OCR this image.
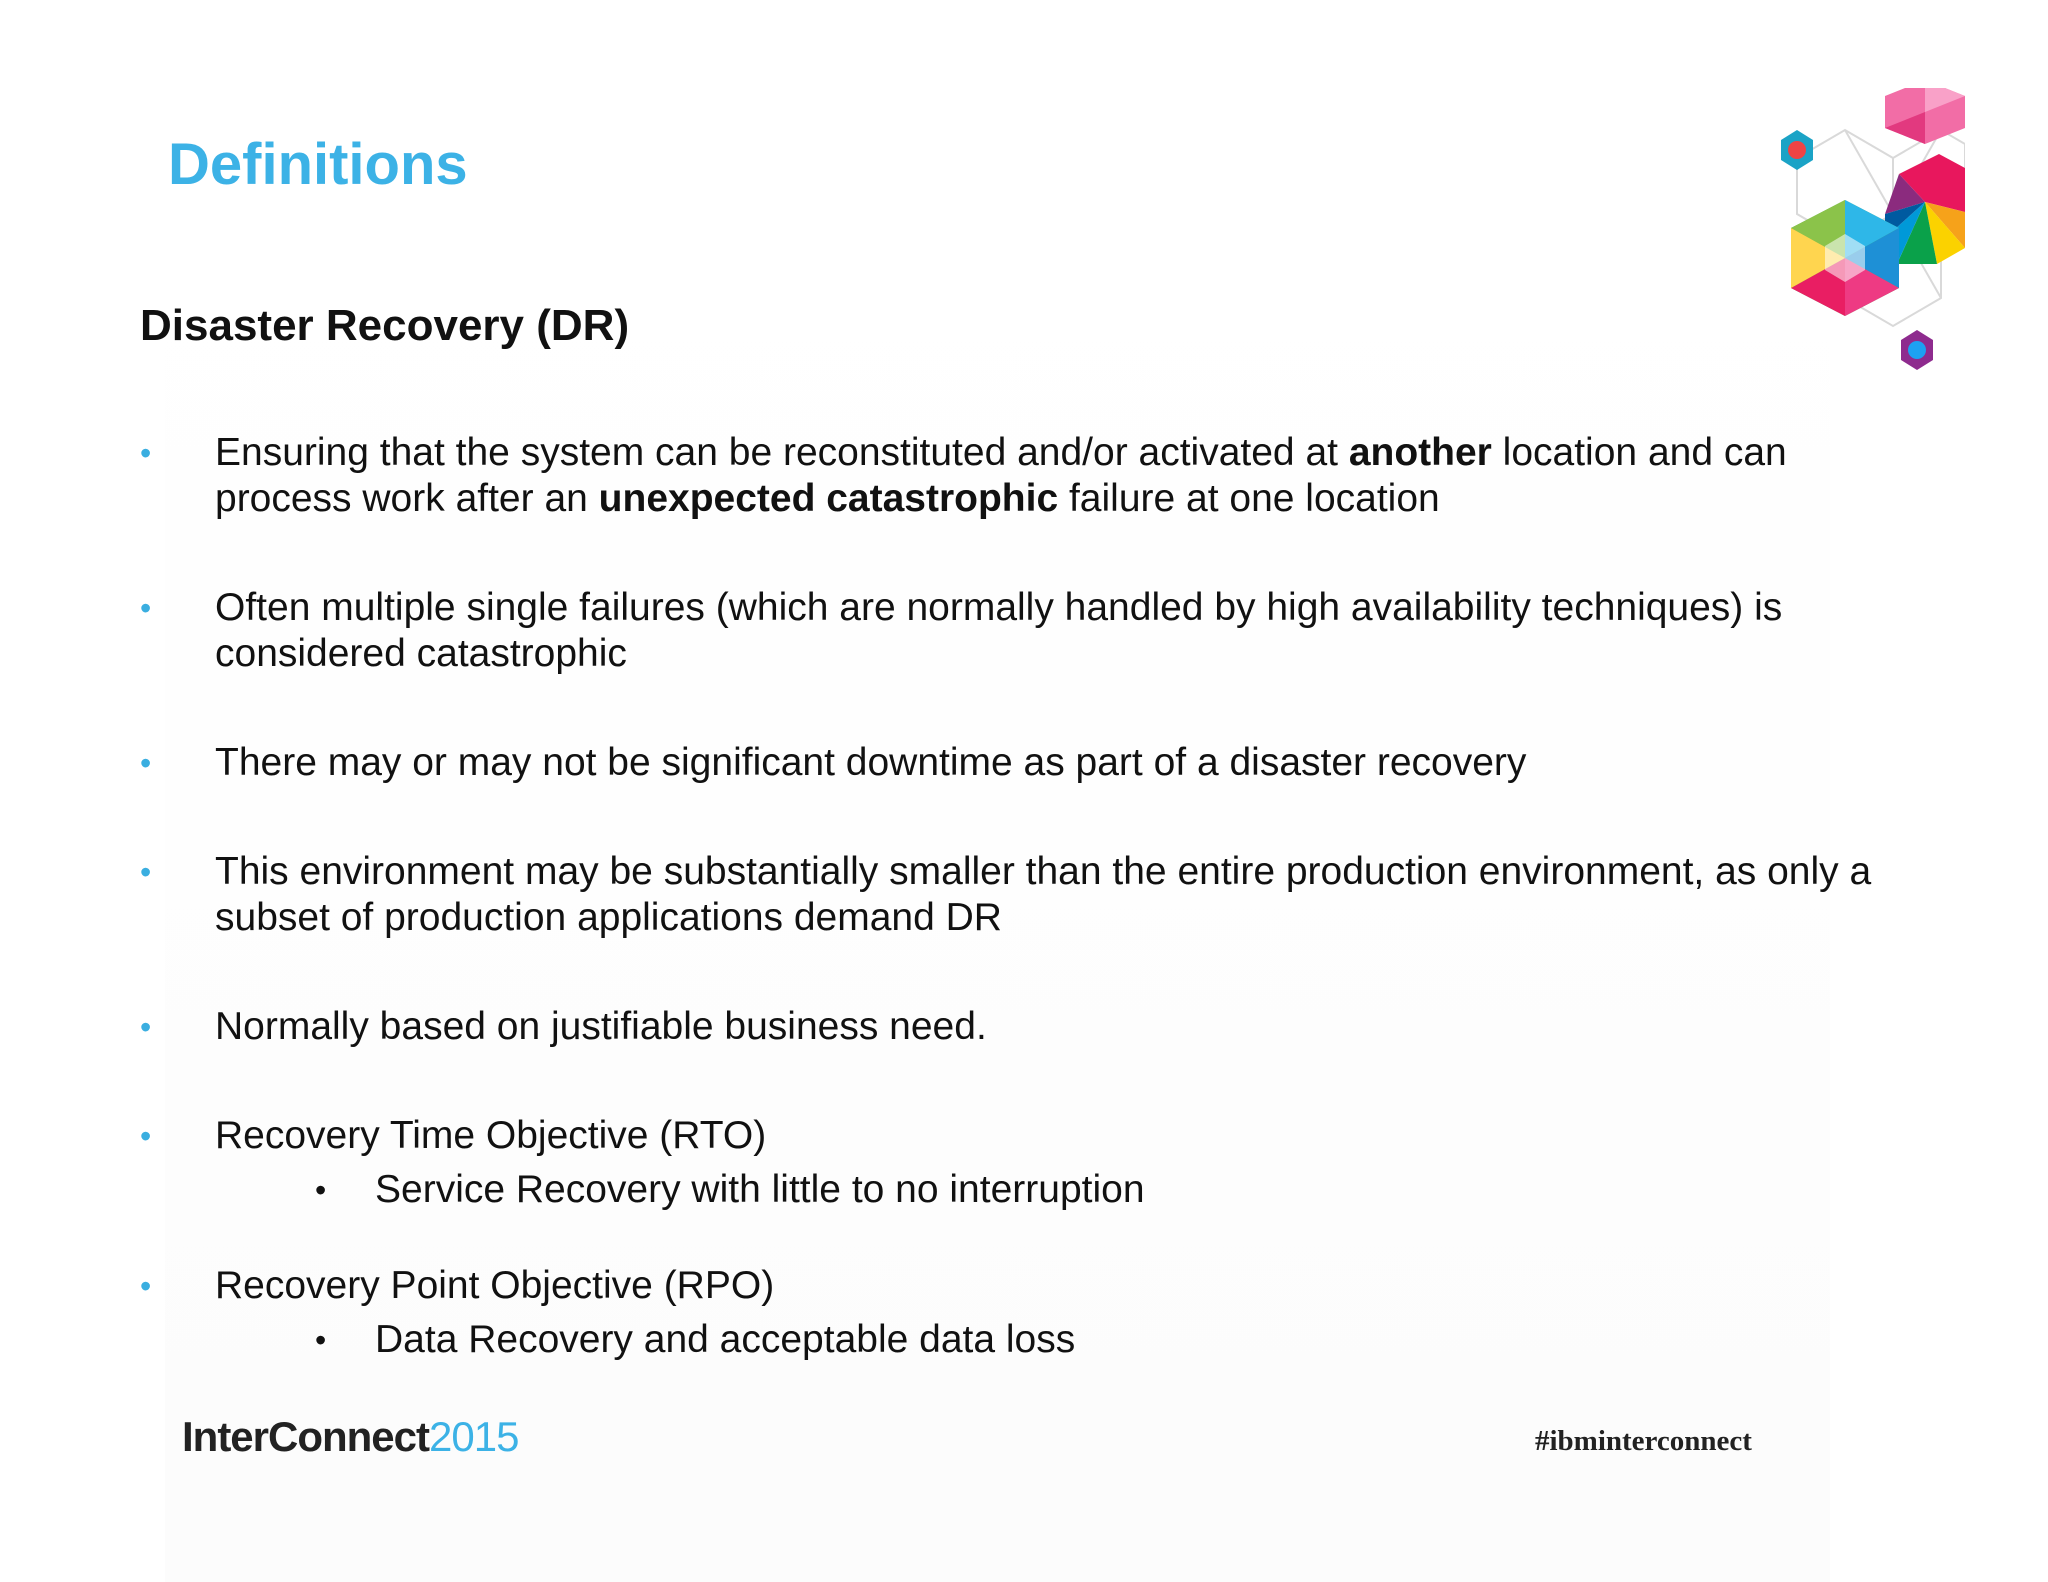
Definitions
Disaster Recovery (DR)
• Ensuring that the system can be reconstituted and/or activated at another location and can process work after an unexpected catastrophic failure at one location
• Often multiple single failures (which are normally handled by high availability techniques) is considered catastrophic
• There may or may not be significant downtime as part of a disaster recovery
• This environment may be substantially smaller than the entire production environment, as only a subset of production applications demand DR
• Normally based on justifiable business need.
• Recovery Time Objective (RTO)
• Service Recovery with little to no interruption
• Recovery Point Objective (RPO)
• Data Recovery and acceptable data loss
InterConnect2015	#ibminterconnect
